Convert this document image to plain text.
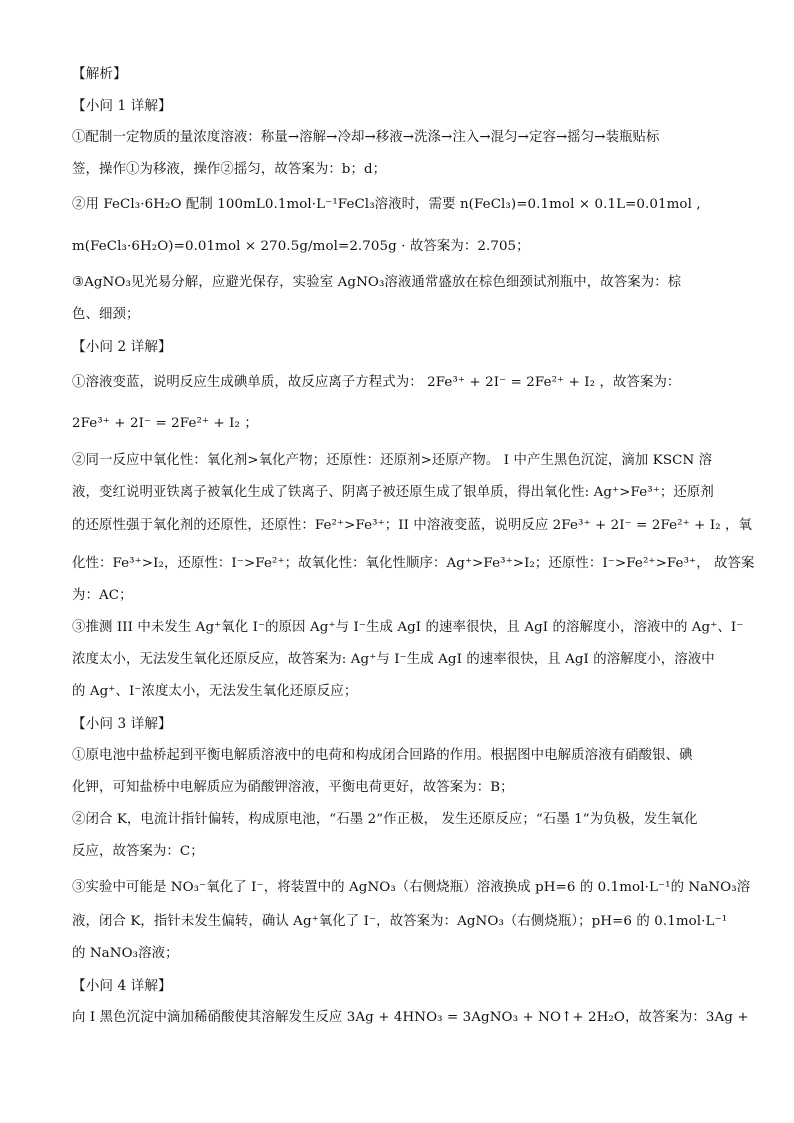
【解析】
【小问 1 详解】
①配制一定物质的量浓度溶液：称量→溶解→冷却→移液→洗涤→注入→混匀→定容→摇匀→装瓶贴标
签，操作①为移液，操作②摇匀，故答案为：b；d；
②用 FeCl₃·6H₂O 配制 100mL0.1mol·L⁻¹FeCl₃溶液时，需要 n(FeCl₃)=0.1mol × 0.1L=0.01mol ,
m(FeCl₃·6H₂O)=0.01mol × 270.5g/mol=2.705g · 故答案为：2.705；
③AgNO₃见光易分解，应避光保存，实验室 AgNO₃溶液通常盛放在棕色细颈试剂瓶中，故答案为：棕
色、细颈；
【小问 2 详解】
①溶液变蓝，说明反应生成碘单质，故反应离子方程式为： 2Fe³⁺ + 2I⁻ = 2Fe²⁺ + I₂ ，故答案为：
2Fe³⁺ + 2I⁻ = 2Fe²⁺ + I₂ ；
②同一反应中氧化性：氧化剂>氧化产物；还原性：还原剂>还原产物。 I 中产生黑色沉淀，滴加 KSCN 溶
液，变红说明亚铁离子被氧化生成了铁离子、阴离子被还原生成了银单质，得出氧化性: Ag⁺>Fe³⁺；还原剂
的还原性强于氧化剂的还原性，还原性：Fe²⁺>Fe³⁺；II 中溶液变蓝，说明反应 2Fe³⁺ + 2I⁻ = 2Fe²⁺ + I₂ ，氧
化性：Fe³⁺>I₂，还原性：I⁻>Fe²⁺；故氧化性：氧化性顺序：Ag⁺>Fe³⁺>I₂；还原性：I⁻>Fe²⁺>Fe³⁺， 故答案
为：AC；
③推测 III 中未发生 Ag⁺氧化 I⁻的原因 Ag⁺与 I⁻生成 AgI 的速率很快，且 AgI 的溶解度小，溶液中的 Ag⁺、I⁻
浓度太小，无法发生氧化还原反应，故答案为: Ag⁺与 I⁻生成 AgI 的速率很快，且 AgI 的溶解度小，溶液中
的 Ag⁺、I⁻浓度太小，无法发生氧化还原反应；
【小问 3 详解】
①原电池中盐桥起到平衡电解质溶液中的电荷和构成闭合回路的作用。根据图中电解质溶液有硝酸银、碘
化钾，可知盐桥中电解质应为硝酸钾溶液，平衡电荷更好，故答案为：B；
②闭合 K，电流计指针偏转，构成原电池，“石墨 2”作正极， 发生还原反应；“石墨 1”为负极，发生氧化
反应，故答案为：C；
③实验中可能是 NO₃⁻氧化了 I⁻，将装置中的 AgNO₃（右侧烧瓶）溶液换成 pH=6 的 0.1mol·L⁻¹的 NaNO₃溶
液，闭合 K，指针未发生偏转，确认 Ag⁺氧化了 I⁻，故答案为：AgNO₃（右侧烧瓶）；pH=6 的 0.1mol·L⁻¹
的 NaNO₃溶液；
【小问 4 详解】
向 I 黑色沉淀中滴加稀硝酸使其溶解发生反应 3Ag + 4HNO₃ = 3AgNO₃ + NO↑+ 2H₂O，故答案为：3Ag +
